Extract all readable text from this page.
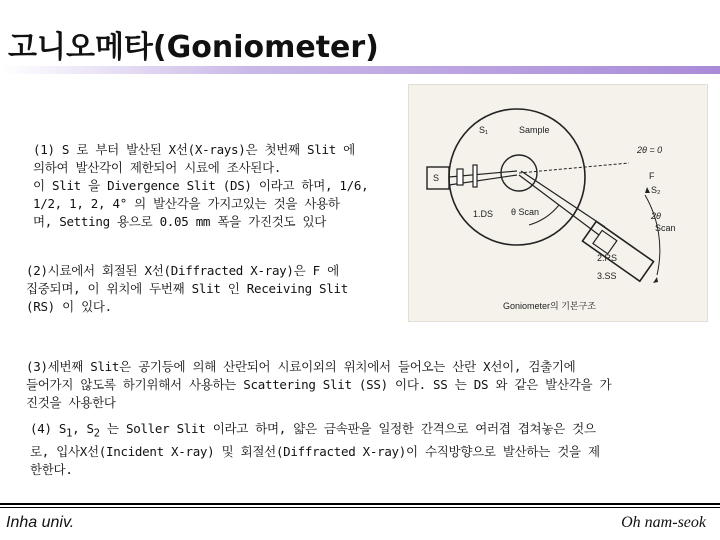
고니오메타(Goniometer)
(1) S 로 부터 발산된 X선(X-rays)은 첫번째 Slit 에
의하여 발산각이 제한되어 시료에 조사된다.
이 Slit 을 Divergence Slit (DS) 이라고 하며, 1/6,
1/2, 1, 2, 4° 의 발산각을 가지고있는 것을 사용하
며, Setting 용으로 0.05 mm 폭을 가진것도 있다
(2)시료에서 회절된 X선(Diffracted X-ray)은 F 에
집중되며, 이 위치에 두번째 Slit 인 Receiving Slit
(RS) 이 있다.
(3)세번째 Slit은 공기등에 의해 산란되어 시료이외의 위치에서 들어오는 산란 X선이, 검출기에
들어가지 않도록 하기위해서 사용하는 Scattering Slit (SS) 이다. SS 는 DS 와 같은 발산각을 가
진것을 사용한다
(4) $S_1$, $S_2$ 는 Soller Slit 이라고 하며, 얇은 금속판을 일정한 간격으로 여러겹 겹쳐놓은 것으
로, 입사X선(Incident X-ray) 및 회절선(Diffracted X-ray)이 수직방향으로 발산하는 것을 제
한한다.
S₁	Sample
2θ = 0
S	F
S₂
1.DS θ Scan	2θ
Scan
2.RS
3.SS
Goniometer의 기본구조
Inha univ.	Oh nam-seok
